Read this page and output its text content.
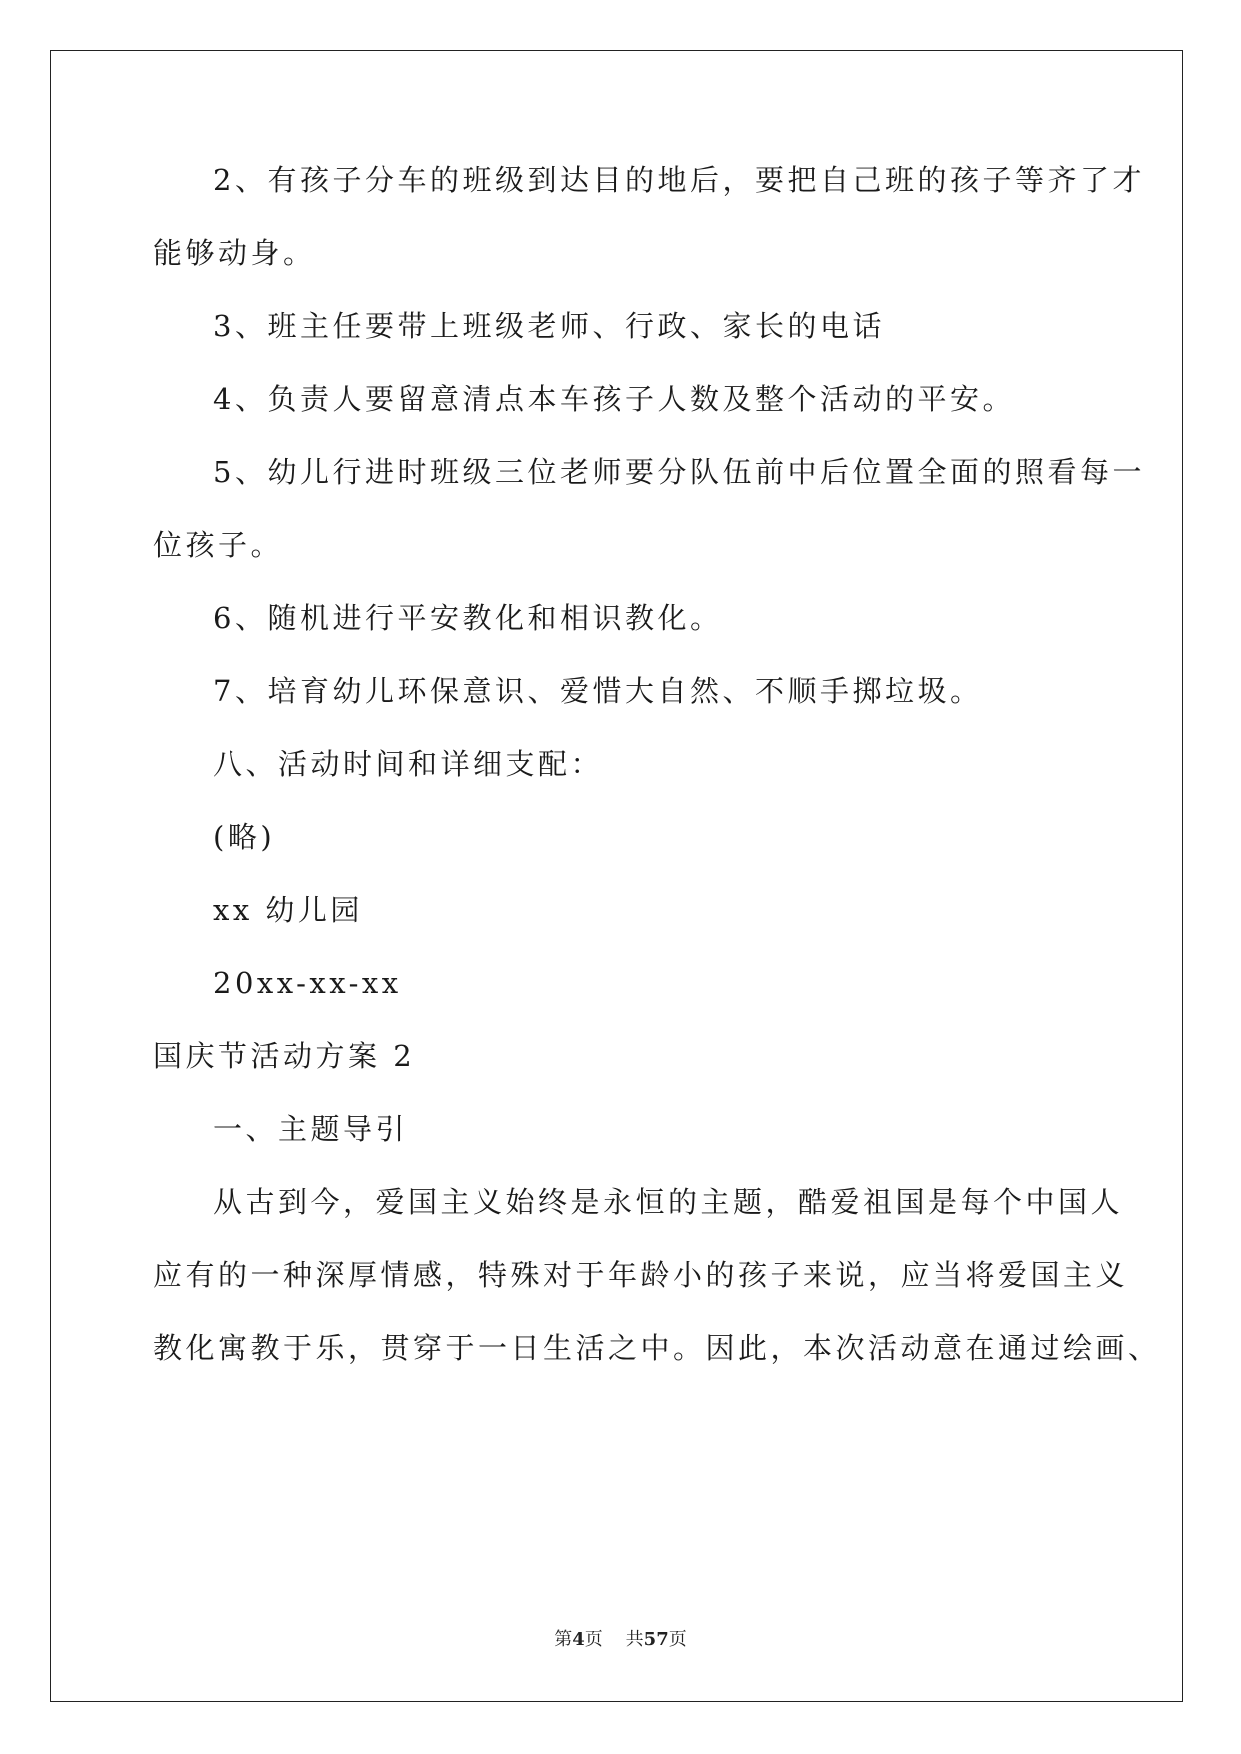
2、有孩子分车的班级到达目的地后，要把自己班的孩子等齐了才
能够动身。
3、班主任要带上班级老师、行政、家长的电话
4、负责人要留意清点本车孩子人数及整个活动的平安。
5、幼儿行进时班级三位老师要分队伍前中后位置全面的照看每一
位孩子。
6、随机进行平安教化和相识教化。
7、培育幼儿环保意识、爱惜大自然、不顺手掷垃圾。
八、活动时间和详细支配：
(略)
xx 幼儿园
20xx-xx-xx
国庆节活动方案 2
一、主题导引
从古到今，爱国主义始终是永恒的主题，酷爱祖国是每个中国人
应有的一种深厚情感，特殊对于年龄小的孩子来说，应当将爱国主义
教化寓教于乐，贯穿于一日生活之中。因此，本次活动意在通过绘画、
第4页 共57页
